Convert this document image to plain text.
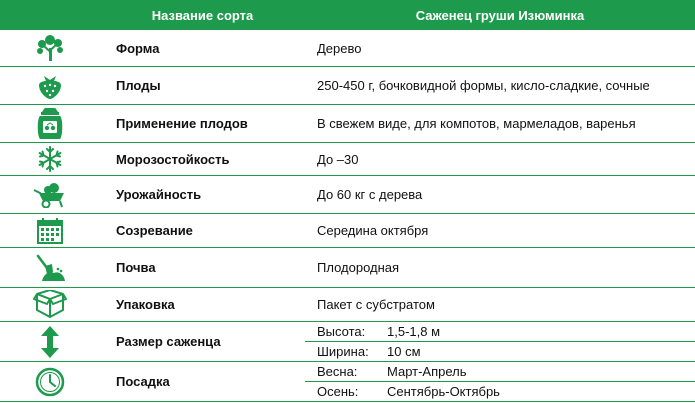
	Название сорта	Саженец груши Изюминка

	Форма	Дерево

	Плоды	250-450 г, бочковидной формы, кисло-сладкие, сочные

	Применение плодов	В свежем виде, для компотов, мармеладов, варенья

	Морозостойкость	До –30

	Урожайность	До 60 кг с дерева

	Созревание	Середина октября

	Почва	Плодородная

	Упаковка	Пакет с субстратом

	Размер саженца	Высота: 1,5-1,8 м
		Ширина: 10 см

	Посадка	Весна: Март-Апрель
		Осень: Сентябрь-Октябрь
